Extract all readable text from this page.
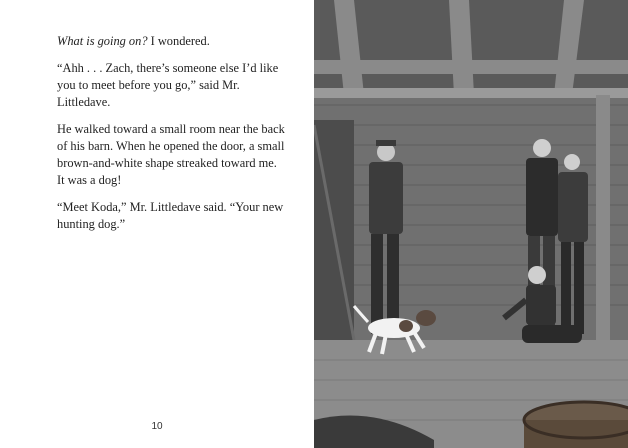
What is going on? I wondered.

“Ahh . . . Zach, there’s someone else I’d like you to meet before you go,” said Mr. Littledave.

He walked toward a small room near the back of his barn. When he opened the door, a small brown-and-white shape streaked toward me. It was a dog!

“Meet Koda,” Mr. Littledave said. “Your new hunting dog.”

10
